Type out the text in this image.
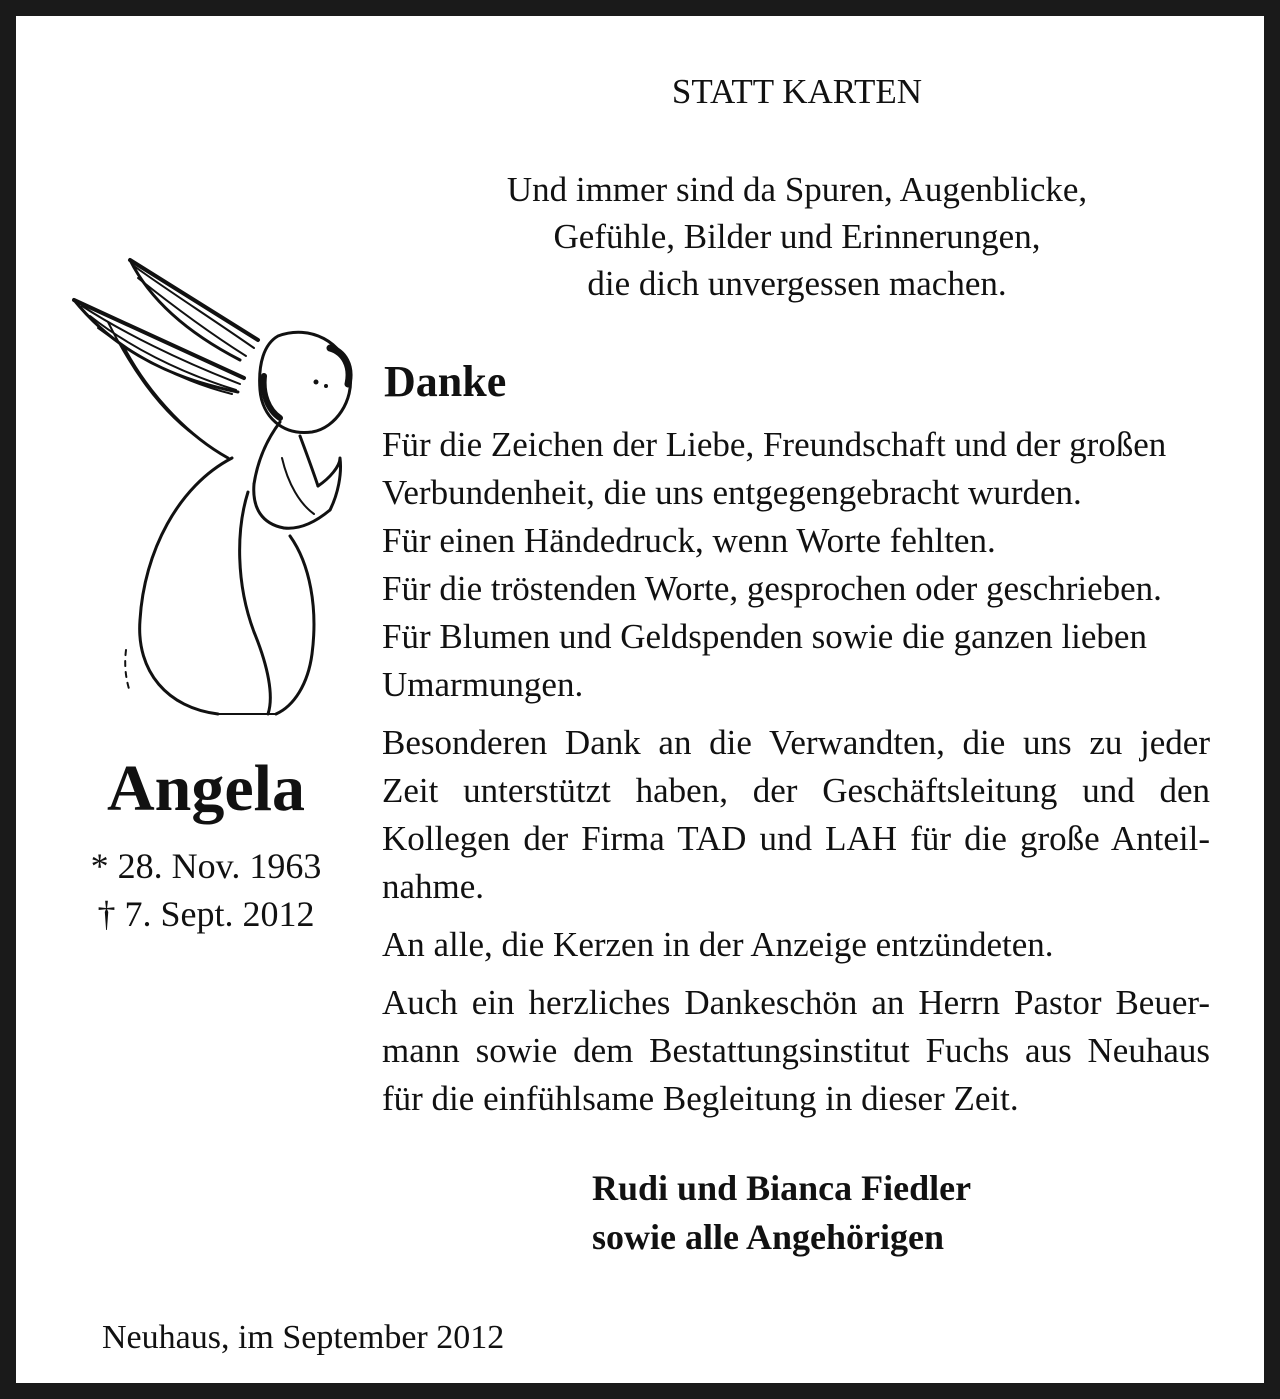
STATT KARTEN
Und immer sind da Spuren, Augenblicke,
Gefühle, Bilder und Erinnerungen,
die dich unvergessen machen.
Angela
* 28. Nov. 1963
† 7. Sept. 2012
Danke
Für die Zeichen der Liebe, Freundschaft und der großen
Verbundenheit, die uns entgegengebracht wurden.
Für einen Händedruck, wenn Worte fehlten.
Für die tröstenden Worte, gesprochen oder geschrieben.
Für Blumen und Geldspenden sowie die ganzen lieben
Umarmungen.
Besonderen Dank an die Verwandten, die uns zu jeder
Zeit unterstützt haben, der Geschäftsleitung und den
Kollegen der Firma TAD und LAH für die große Anteil-
nahme.
An alle, die Kerzen in der Anzeige entzündeten.
Auch ein herzliches Dankeschön an Herrn Pastor Beuer-
mann sowie dem Bestattungsinstitut Fuchs aus Neuhaus
für die einfühlsame Begleitung in dieser Zeit.
Rudi und Bianca Fiedler
sowie alle Angehörigen
Neuhaus, im September 2012
